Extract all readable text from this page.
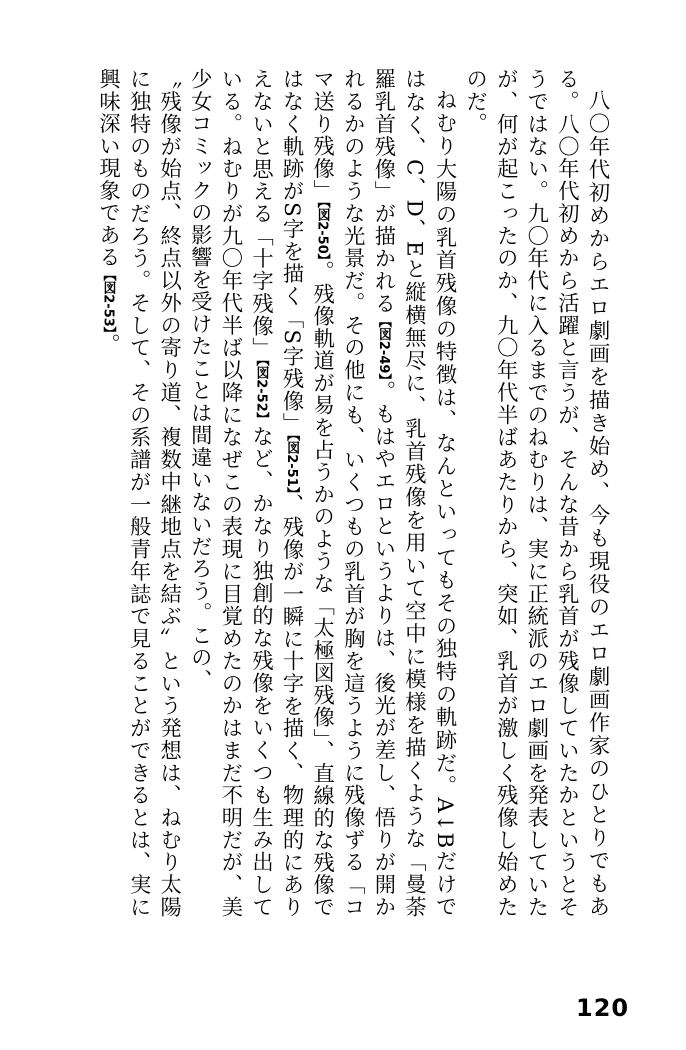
八〇年代初めからエロ劇画を描き始め、今も現役のエロ劇画作家のひとりでもある。八〇年代初めから活躍と言うが、そんな昔から乳首が残像していたかというとそうではない。九〇年代に入るまでのねむりは、実に正統派のエロ劇画を発表していたが、何が起こったのか、九〇年代半ばあたりから、突如、乳首が激しく残像し始めたのだ。

ねむり大陽の乳首残像の特徴は、なんといってもその独特の軌跡だ。A↓Bだけではなく、C、D、Eと縦横無尽に、乳首残像を用いて空中に模様を描くような「曼荼羅乳首残像」が描かれる【図2-49】。もはやエロというよりは、後光が差し、悟りが開かれるかのような光景だ。その他にも、いくつもの乳首が胸を這うように残像ずる「コマ送り残像」【図2-50】。残像軌道が易を占うかのような「太極図残像」、直線的な残像ではなく軌跡がS字を描く「S字残像」【図2-51】、残像が一瞬に十字を描く、物理的にありえないと思える「十字残像」【図2-52】など、かなり独創的な残像をいくつも生み出している。ねむりが九〇年代半ば以降になぜこの表現に目覚めたのかはまだ不明だが、美少女コミックの影響を受けたことは間違いないだろう。この、

〝残像が始点、終点以外の寄り道、複数中継地点を結ぶ〟という発想は、ねむり太陽に独特のものだろう。そして、その系譜が一般青年誌で見ることができるとは、実に興味深い現象である【図2-53】。

120
